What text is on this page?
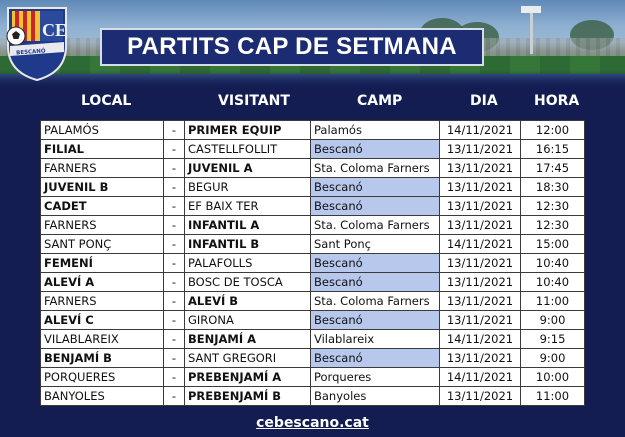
CE
BESCANÓ	PARTITS CAP DE SETMANA
LOCAL	VISITANT	CAMP	DIA	HORA
PALAMÓS	-	PRIMER EQUIP	Palamós	14/11/2021	12:00
FILIAL	-	CASTELLFOLLIT	Bescanó	13/11/2021	16:15
FARNERS	-	JUVENIL A	Sta. Coloma Farners	13/11/2021	17:45
JUVENIL B	-	BEGUR	Bescanó	13/11/2021	18:30
CADET	-	EF BAIX TER	Bescanó	13/11/2021	12:30
FARNERS	-	INFANTIL A	Sta. Coloma Farners	13/11/2021	12:30
SANT PONÇ	-	INFANTIL B	Sant Ponç	14/11/2021	15:00
FEMENÍ	-	PALAFOLLS	Bescanó	13/11/2021	10:40
ALEVÍ A	-	BOSC DE TOSCA	Bescanó	13/11/2021	10:40
FARNERS	-	ALEVÍ B	Sta. Coloma Farners	13/11/2021	11:00
ALEVÍ C	-	GIRONA	Bescanó	13/11/2021	9:00
VILABLAREIX	-	BENJAMÍ A	Vilablareix	14/11/2021	9:15
BENJAMÍ B	-	SANT GREGORI	Bescanó	13/11/2021	9:00
PORQUERES	-	PREBENJAMÍ A	Porqueres	14/11/2021	10:00
BANYOLES	-	PREBENJAMÍ B	Banyoles	13/11/2021	11:00
cebescano.cat
